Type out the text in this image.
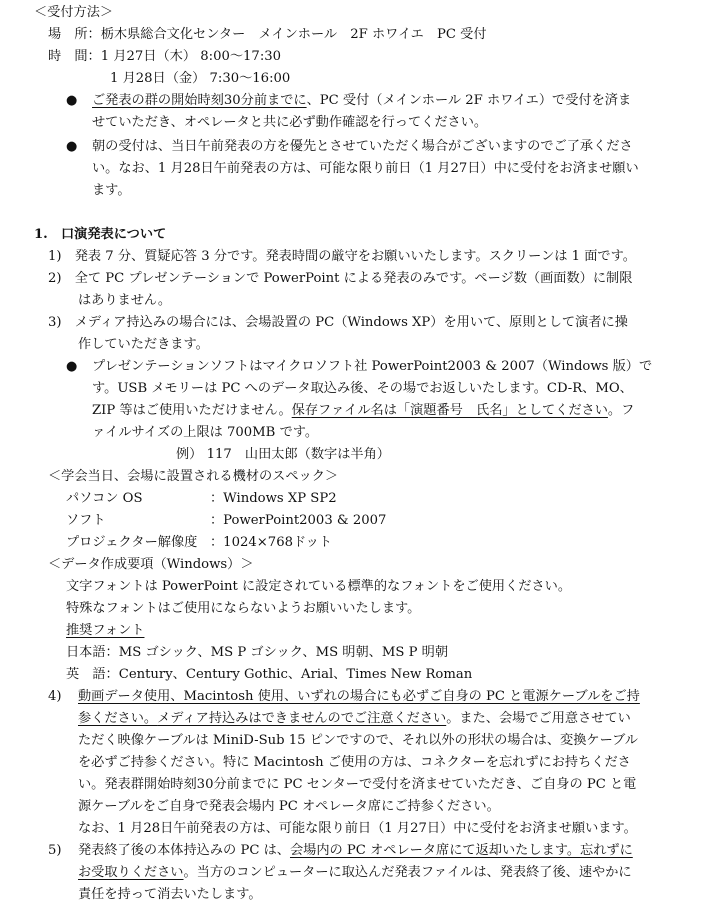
＜受付方法＞
場　所：栃木県総合文化センター　メインホール　2F ホワイエ　PC 受付
時　間：1 月27日（木） 8:00～17:30
1 月28日（金） 7:30～16:00
● ご発表の群の開始時刻30分前までに、PC 受付（メインホール 2F ホワイエ）で受付を済ま
せていただき、オペレータと共に必ず動作確認を行ってください。
● 朝の受付は、当日午前発表の方を優先とさせていただく場合がございますのでご了承くださ
い。なお、1 月28日午前発表の方は、可能な限り前日（1 月27日）中に受付をお済ませ願い
ます。
1.　口演発表について
1)　発表 7 分、質疑応答 3 分です。発表時間の厳守をお願いいたします。スクリーンは 1 面です。
2)　全て PC プレゼンテーションで PowerPoint による発表のみです。ページ数（画面数）に制限
はありません。
3)　メディア持込みの場合には、会場設置の PC（Windows XP）を用いて、原則として演者に操
作していただきます。
● プレゼンテーションソフトはマイクロソフト社 PowerPoint2003 & 2007（Windows 版）で
す。USB メモリーは PC へのデータ取込み後、その場でお返しいたします。CD-R、MO、
ZIP 等はご使用いただけません。保存ファイル名は「演題番号　氏名」としてください。フ
ァイルサイズの上限は 700MB です。
例） 117　山田太郎（数字は半角）
＜学会当日、会場に設置される機材のスペック＞
パソコン OS	：Windows XP SP2
ソフト	：PowerPoint2003 & 2007
プロジェクター解像度 ：1024×768ドット
＜データ作成要項（Windows）＞
文字フォントは PowerPoint に設定されている標準的なフォントをご使用ください。
特殊なフォントはご使用にならないようお願いいたします。
推奨フォント
日本語：MS ゴシック、MS P ゴシック、MS 明朝、MS P 明朝
英　語：Century、Century Gothic、Arial、Times New Roman
4) 動画データ使用、Macintosh 使用、いずれの場合にも必ずご自身の PC と電源ケーブルをご持
参ください。メディア持込みはできませんのでご注意ください。また、会場でご用意させてい
ただく映像ケーブルは MiniD-Sub 15 ピンですので、それ以外の形状の場合は、変換ケーブル
を必ずご持参ください。特に Macintosh ご使用の方は、コネクターを忘れずにお持ちくださ
い。発表群開始時刻30分前までに PC センターで受付を済ませていただき、ご自身の PC と電
源ケーブルをご自身で発表会場内 PC オペレータ席にご持参ください。
なお、1 月28日午前発表の方は、可能な限り前日（1 月27日）中に受付をお済ませ願います。
5) 発表終了後の本体持込みの PC は、会場内の PC オペレータ席にて返却いたします。忘れずに
お受取りください。当方のコンピューターに取込んだ発表ファイルは、発表終了後、速やかに
責任を持って消去いたします。
